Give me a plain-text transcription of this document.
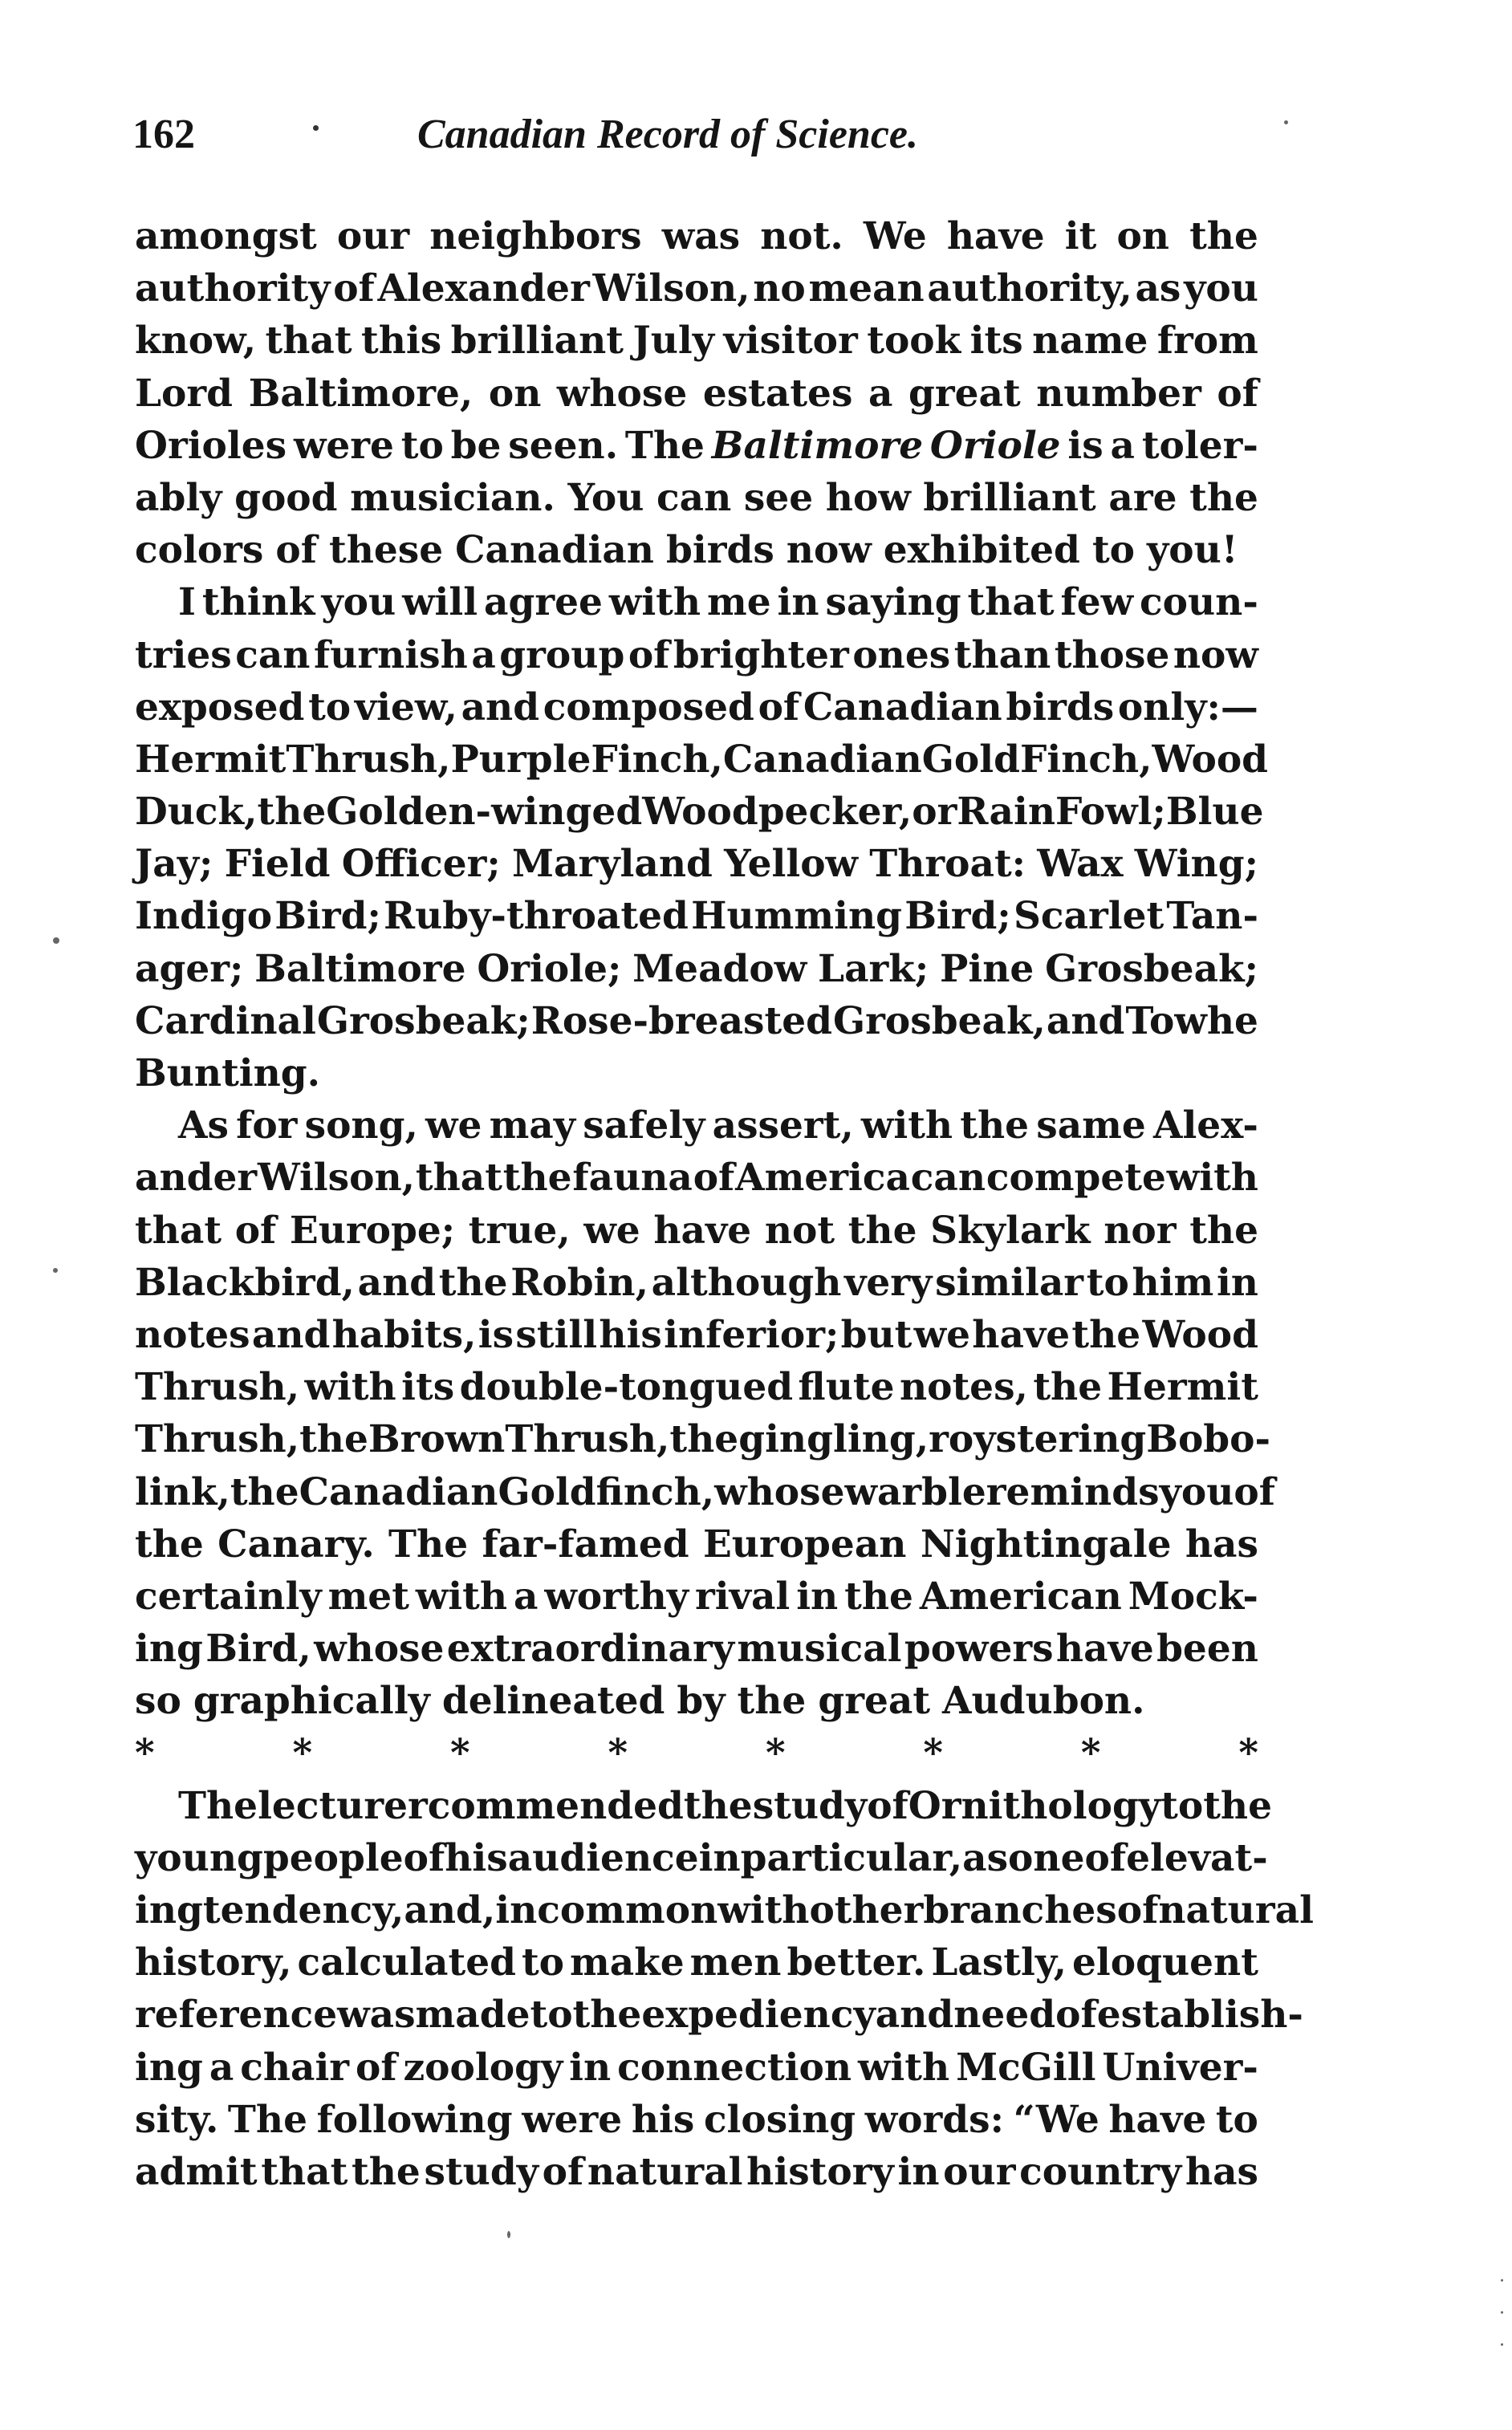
162	Canadian Record of Science.
amongst our neighbors was not. We have it on the
authority of Alexander Wilson, no mean authority, as you
know, that this brilliant July visitor took its name from
Lord Baltimore, on whose estates a great number of
Orioles were to be seen. The Baltimore Oriole is a toler-
ably good musician. You can see how brilliant are the
colors of these Canadian birds now exhibited to you!
I think you will agree with me in saying that few coun-
tries can furnish a group of brighter ones than those now
exposed to view, and composed of Canadian birds only:—
Hermit Thrush, Purple Finch, Canadian Gold Finch, Wood
Duck, the Golden-winged Woodpecker, or Rain Fowl; Blue
Jay; Field Officer; Maryland Yellow Throat: Wax Wing;
Indigo Bird; Ruby-throated Humming Bird; Scarlet Tan-
ager; Baltimore Oriole; Meadow Lark; Pine Grosbeak;
Cardinal Grosbeak; Rose-breasted Grosbeak, and Towhe
Bunting.
As for song, we may safely assert, with the same Alex-
ander Wilson, that the fauna of America can compete with
that of Europe; true, we have not the Skylark nor the
Blackbird, and the Robin, although very similar to him in
notes and habits, is still his inferior; but we have the Wood
Thrush, with its double-tongued flute notes, the Hermit
Thrush, the Brown Thrush, the gingling, roystering Bobo-
link, the Canadian Goldfinch, whose warble reminds you of
the Canary. The far-famed European Nightingale has
certainly met with a worthy rival in the American Mock-
ing Bird, whose extraordinary musical powers have been
so graphically delineated by the great Audubon.
*	*	*	*	*	*	*	*
The lecturer commended the study of Ornithology to the
young people of his audience in particular, as one of elevat-
ing tendency, and, in common with other branches of natural
history, calculated to make men better. Lastly, eloquent
reference was made to the expediency and need of establish-
ing a chair of zoology in connection with McGill Univer-
sity. The following were his closing words: “We have to
admit that the study of natural history in our country has
